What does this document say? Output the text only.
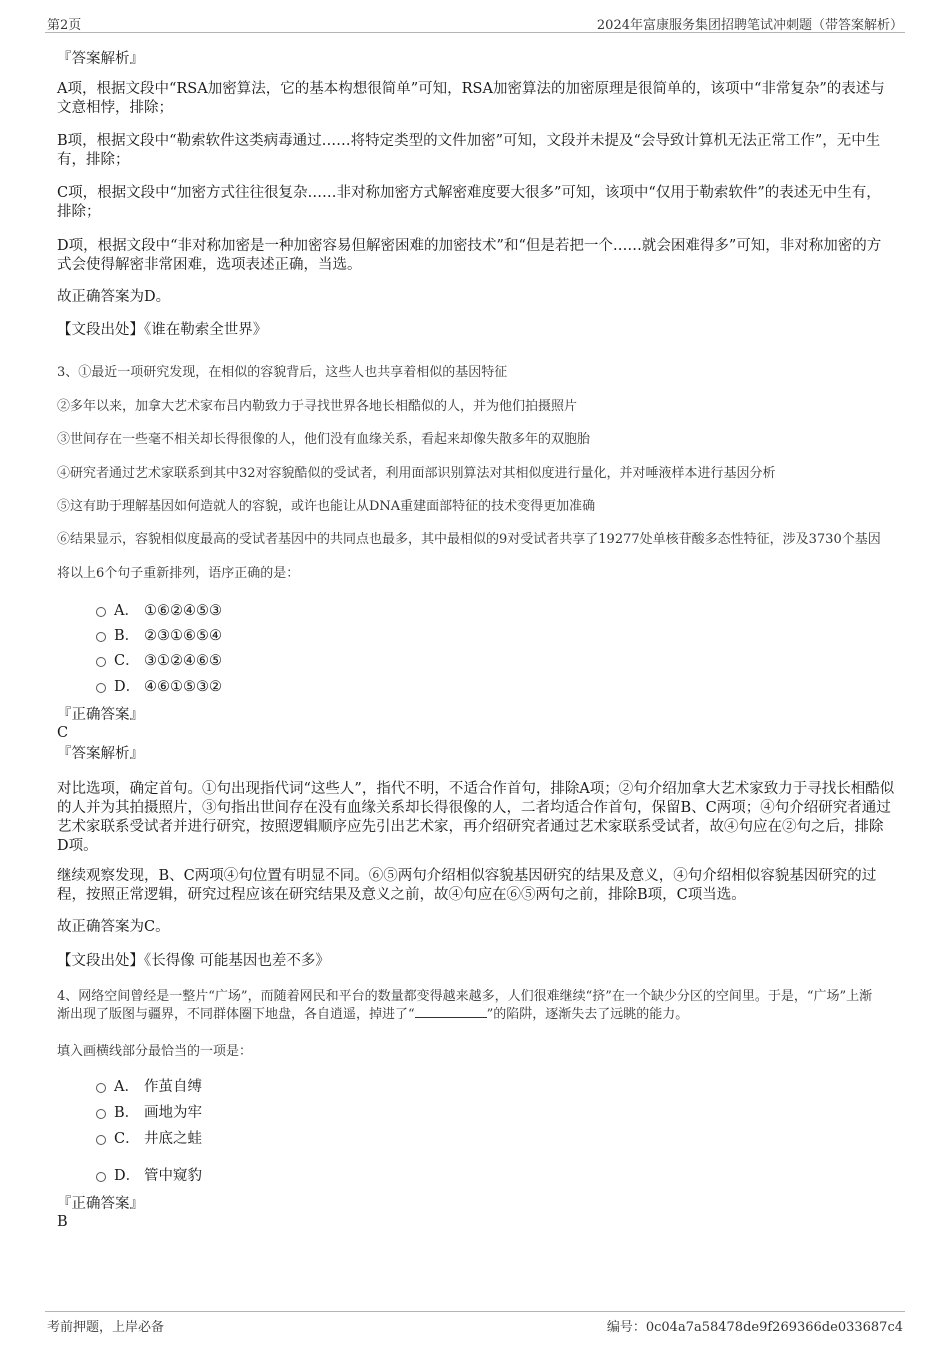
第2页	2024年富康服务集团招聘笔试冲刺题（带答案解析）
『答案解析』
A项，根据文段中“RSA加密算法，它的基本构想很简单”可知，RSA加密算法的加密原理是很简单的，该项中“非常复杂”的表述与文意相悖，排除；
B项，根据文段中“勒索软件这类病毒通过……将特定类型的文件加密”可知，文段并未提及“会导致计算机无法正常工作”，无中生有，排除；
C项，根据文段中“加密方式往往很复杂……非对称加密方式解密难度要大很多”可知，该项中“仅用于勒索软件”的表述无中生有，排除；
D项，根据文段中“非对称加密是一种加密容易但解密困难的加密技术”和“但是若把一个……就会困难得多”可知，非对称加密的方式会使得解密非常困难，选项表述正确，当选。
故正确答案为D。
【文段出处】《谁在勒索全世界》
3、①最近一项研究发现，在相似的容貌背后，这些人也共享着相似的基因特征
②多年以来，加拿大艺术家布吕内勒致力于寻找世界各地长相酷似的人，并为他们拍摄照片
③世间存在一些毫不相关却长得很像的人，他们没有血缘关系，看起来却像失散多年的双胞胎
④研究者通过艺术家联系到其中32对容貌酷似的受试者，利用面部识别算法对其相似度进行量化，并对唾液样本进行基因分析
⑤这有助于理解基因如何造就人的容貌，或许也能让从DNA重建面部特征的技术变得更加准确
⑥结果显示，容貌相似度最高的受试者基因中的共同点也最多，其中最相似的9对受试者共享了19277处单核苷酸多态性特征，涉及3730个基因
将以上6个句子重新排列，语序正确的是：
A． ①⑥②④⑤③
B． ②③①⑥⑤④
C． ③①②④⑥⑤
D． ④⑥①⑤③②
『正确答案』
C
『答案解析』
对比选项，确定首句。①句出现指代词“这些人”，指代不明，不适合作首句，排除A项；②句介绍加拿大艺术家致力于寻找长相酷似的人并为其拍摄照片，③句指出世间存在没有血缘关系却长得很像的人，二者均适合作首句，保留B、C两项；④句介绍研究者通过艺术家联系受试者并进行研究，按照逻辑顺序应先引出艺术家，再介绍研究者通过艺术家联系受试者，故④句应在②句之后，排除D项。
继续观察发现，B、C两项④句位置有明显不同。⑥⑤两句介绍相似容貌基因研究的结果及意义，④句介绍相似容貌基因研究的过程，按照正常逻辑，研究过程应该在研究结果及意义之前，故④句应在⑥⑤两句之前，排除B项，C项当选。
故正确答案为C。
【文段出处】《长得像 可能基因也差不多》
4、网络空间曾经是一整片“广场”，而随着网民和平台的数量都变得越来越多，人们很难继续“挤”在一个缺少分区的空间里。于是，“广场”上渐
渐出现了版图与疆界，不同群体圈下地盘，各自逍遥，掉进了“	”的陷阱，逐渐失去了远眺的能力。
填入画横线部分最恰当的一项是：
A． 作茧自缚
B． 画地为牢
C． 井底之蛙
D． 管中窥豹
『正确答案』
B
考前押题，上岸必备	编号：0c04a7a58478de9f269366de033687c4
